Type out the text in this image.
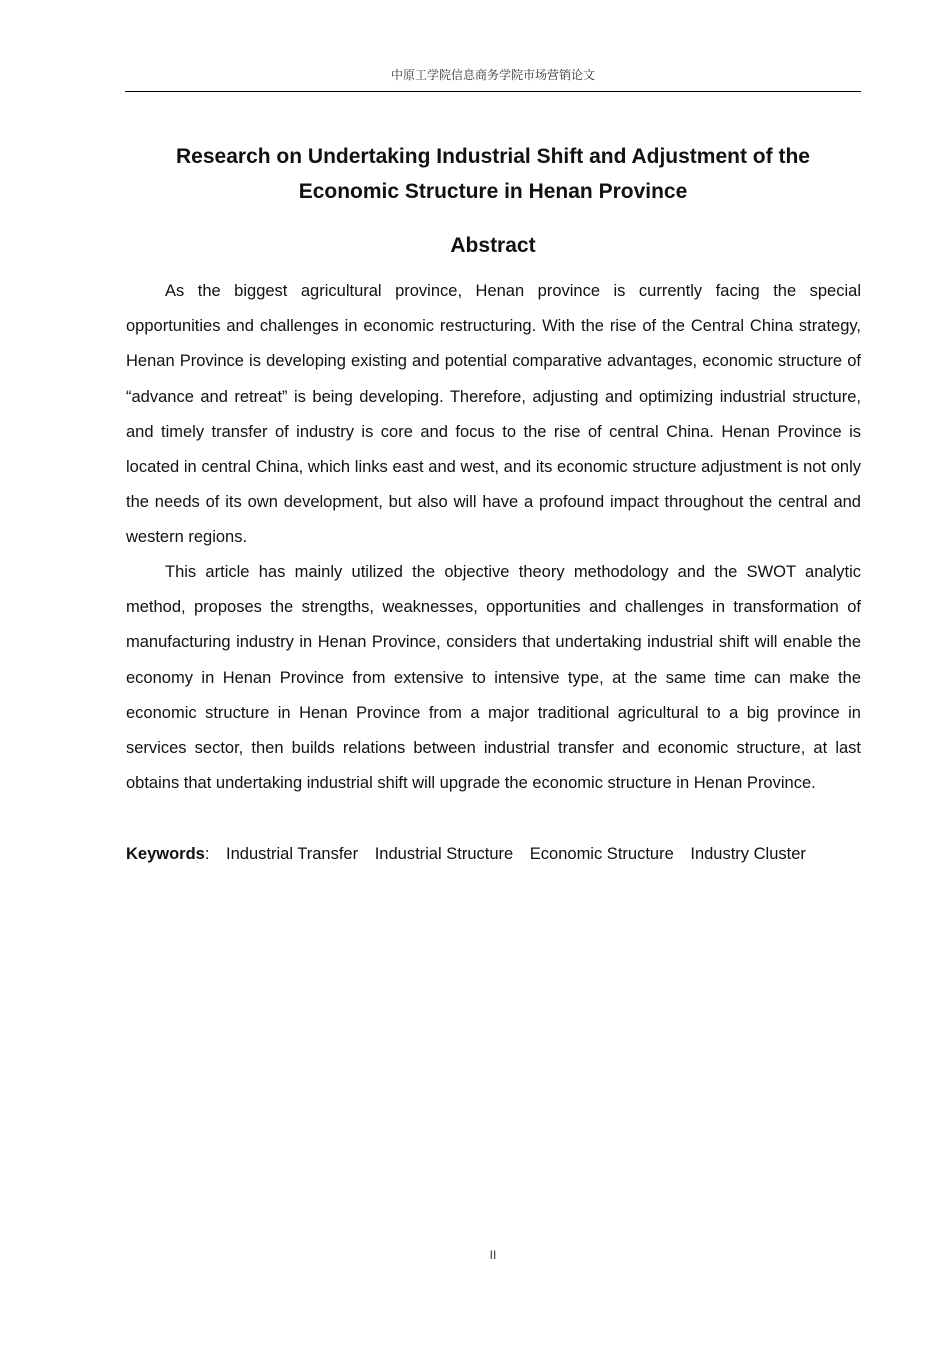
中原工学院信息商务学院市场营销论文
Research on Undertaking Industrial Shift and Adjustment of the
Economic Structure in Henan Province
Abstract

As the biggest agricultural province, Henan province is currently facing the special opportunities and challenges in economic restructuring. With the rise of the Central China strategy, Henan Province is developing existing and potential comparative advantages, economic structure of “advance and retreat” is being developing. Therefore, adjusting and optimizing industrial structure, and timely transfer of industry is core and focus to the rise of central China. Henan Province is located in central China, which links east and west, and its economic structure adjustment is not only the needs of its own development, but also will have a profound impact throughout the central and western regions.

This article has mainly utilized the objective theory methodology and the SWOT analytic method, proposes the strengths, weaknesses, opportunities and challenges in transformation of manufacturing industry in Henan Province, considers that undertaking industrial shift will enable the economy in Henan Province from extensive to intensive type, at the same time can make the economic structure in Henan Province from a major traditional agricultural to a big province in services sector, then builds relations between industrial transfer and economic structure, at last obtains that undertaking industrial shift will upgrade the economic structure in Henan Province.

Keywords: Industrial Transfer Industrial Structure Economic Structure Industry Cluster
II
